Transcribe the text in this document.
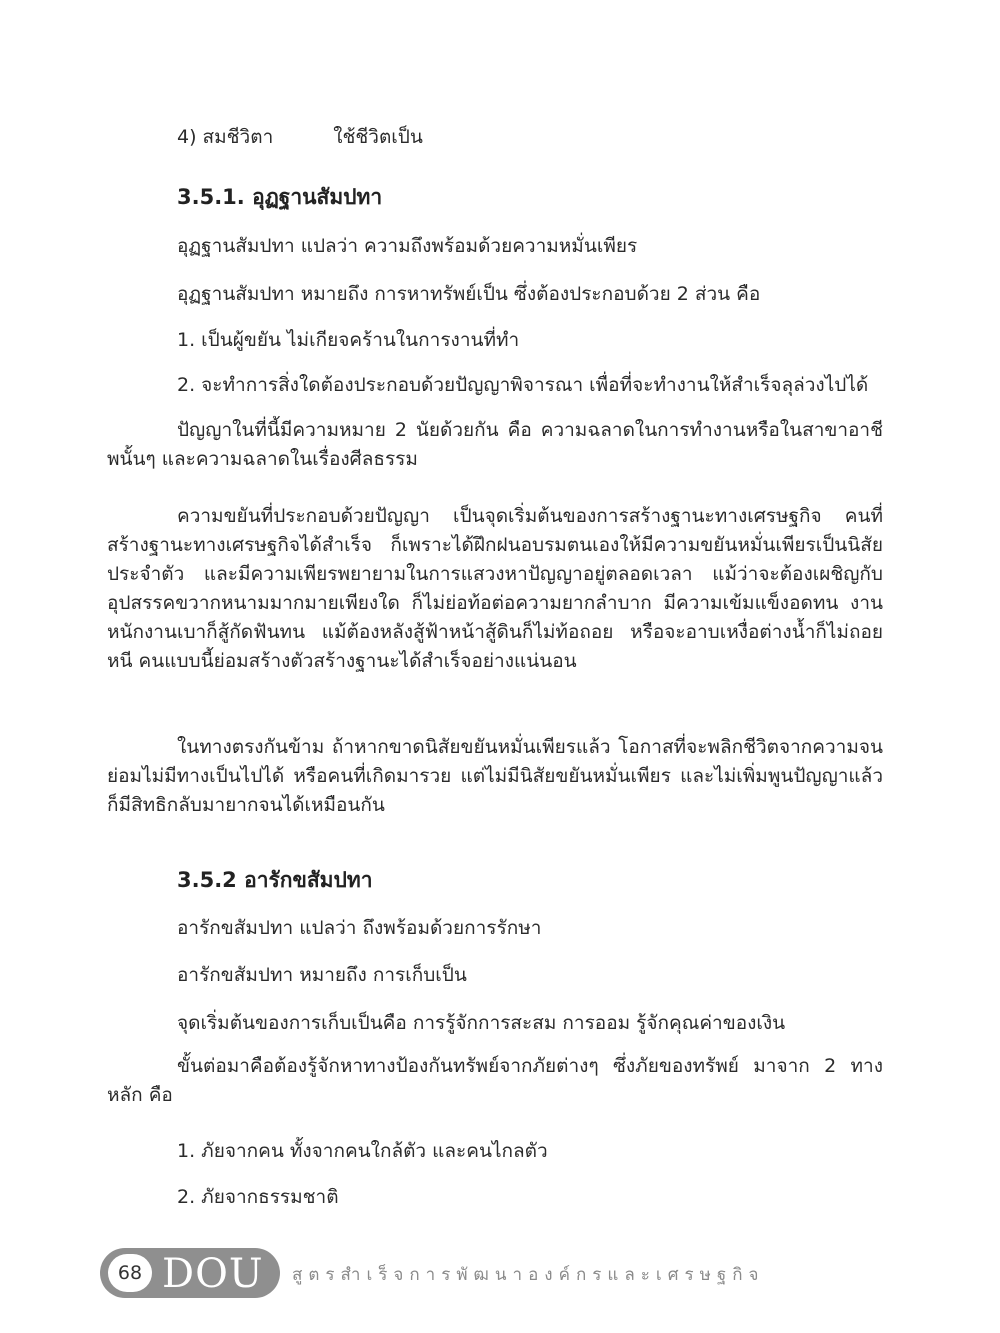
4) สมชีวิตา	ใช้ชีวิตเป็น
3.5.1. อุฏฐานสัมปทา
อุฏฐานสัมปทา แปลว่า ความถึงพร้อมด้วยความหมั่นเพียร
อุฏฐานสัมปทา หมายถึง การหาทรัพย์เป็น ซึ่งต้องประกอบด้วย 2 ส่วน คือ
1. เป็นผู้ขยัน ไม่เกียจคร้านในการงานที่ทำ
2. จะทำการสิ่งใดต้องประกอบด้วยปัญญาพิจารณา เพื่อที่จะทำงานให้สำเร็จลุล่วงไปได้
ปัญญาในที่นี้มีความหมาย 2 นัยด้วยกัน คือ ความฉลาดในการทำงานหรือในสาขาอาชีพนั้นๆ และความฉลาดในเรื่องศีลธรรม
ความขยันที่ประกอบด้วยปัญญา เป็นจุดเริ่มต้นของการสร้างฐานะทางเศรษฐกิจ คนที่สร้างฐานะทางเศรษฐกิจได้สำเร็จ ก็เพราะได้ฝึกฝนอบรมตนเองให้มีความขยันหมั่นเพียรเป็นนิสัยประจำตัว และมีความเพียรพยายามในการแสวงหาปัญญาอยู่ตลอดเวลา แม้ว่าจะต้องเผชิญกับอุปสรรคขวากหนามมากมายเพียงใด ก็ไม่ย่อท้อต่อความยากลำบาก มีความเข้มแข็งอดทน งานหนักงานเบาก็สู้กัดฟันทน แม้ต้องหลังสู้ฟ้าหน้าสู้ดินก็ไม่ท้อถอย หรือจะอาบเหงื่อต่างน้ำก็ไม่ถอยหนี คนแบบนี้ย่อมสร้างตัวสร้างฐานะได้สำเร็จอย่างแน่นอน
ในทางตรงกันข้าม ถ้าหากขาดนิสัยขยันหมั่นเพียรแล้ว โอกาสที่จะพลิกชีวิตจากความจน ย่อมไม่มีทางเป็นไปได้ หรือคนที่เกิดมารวย แต่ไม่มีนิสัยขยันหมั่นเพียร และไม่เพิ่มพูนปัญญาแล้ว ก็มีสิทธิกลับมายากจนได้เหมือนกัน
3.5.2 อารักขสัมปทา
อารักขสัมปทา แปลว่า ถึงพร้อมด้วยการรักษา
อารักขสัมปทา หมายถึง การเก็บเป็น
จุดเริ่มต้นของการเก็บเป็นคือ การรู้จักการสะสม การออม รู้จักคุณค่าของเงิน
ขั้นต่อมาคือต้องรู้จักหาทางป้องกันทรัพย์จากภัยต่างๆ ซึ่งภัยของทรัพย์ มาจาก 2 ทางหลัก คือ
1. ภัยจากคน ทั้งจากคนใกล้ตัว และคนไกลตัว
2. ภัยจากธรรมชาติ
68 DOU สูตรสำเร็จการพัฒนาองค์กรและเศรษฐกิจ
